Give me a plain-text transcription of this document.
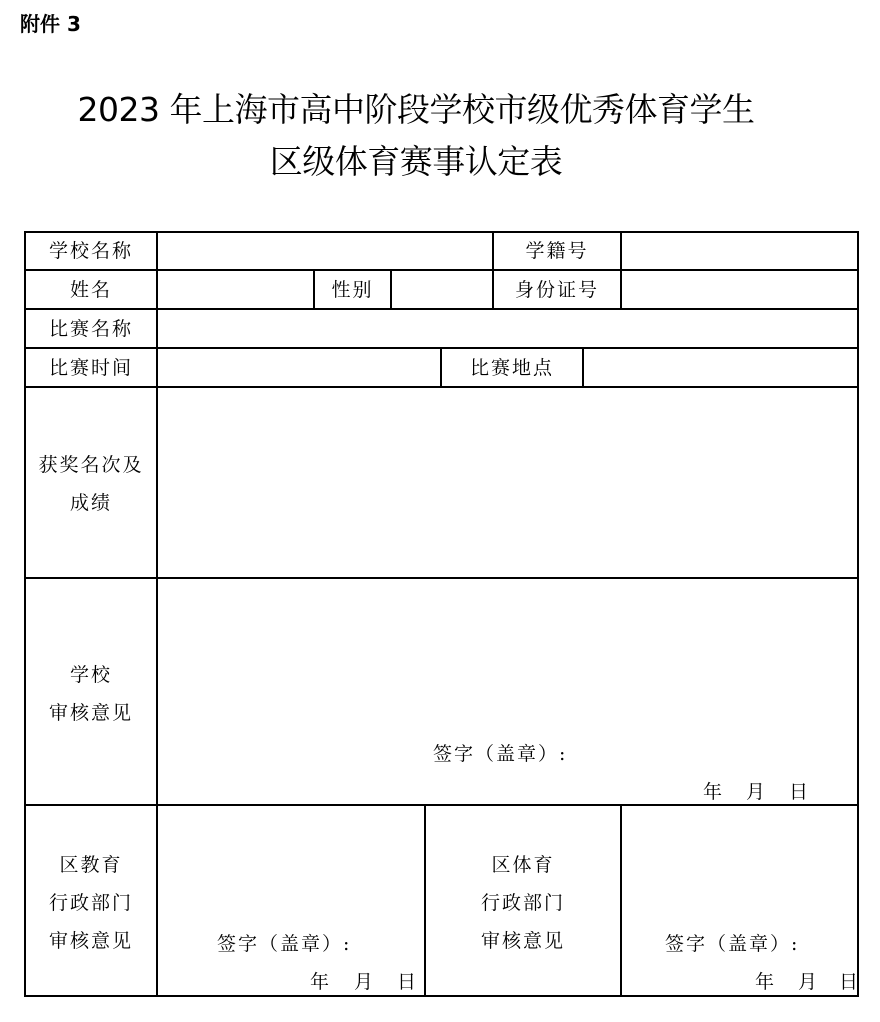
附件 3
2023 年上海市高中阶段学校市级优秀体育学生
区级体育赛事认定表
学校名称	学籍号
姓名	性别	身份证号
比赛名称
比赛时间	比赛地点
获奖名次及
成绩
学校
审核意见
签字（盖章）:
年 月 日
区教育
行政部门
审核意见	签字（盖章）:
年 月 日
区体育
行政部门
审核意见	签字（盖章）:
年 月 日
